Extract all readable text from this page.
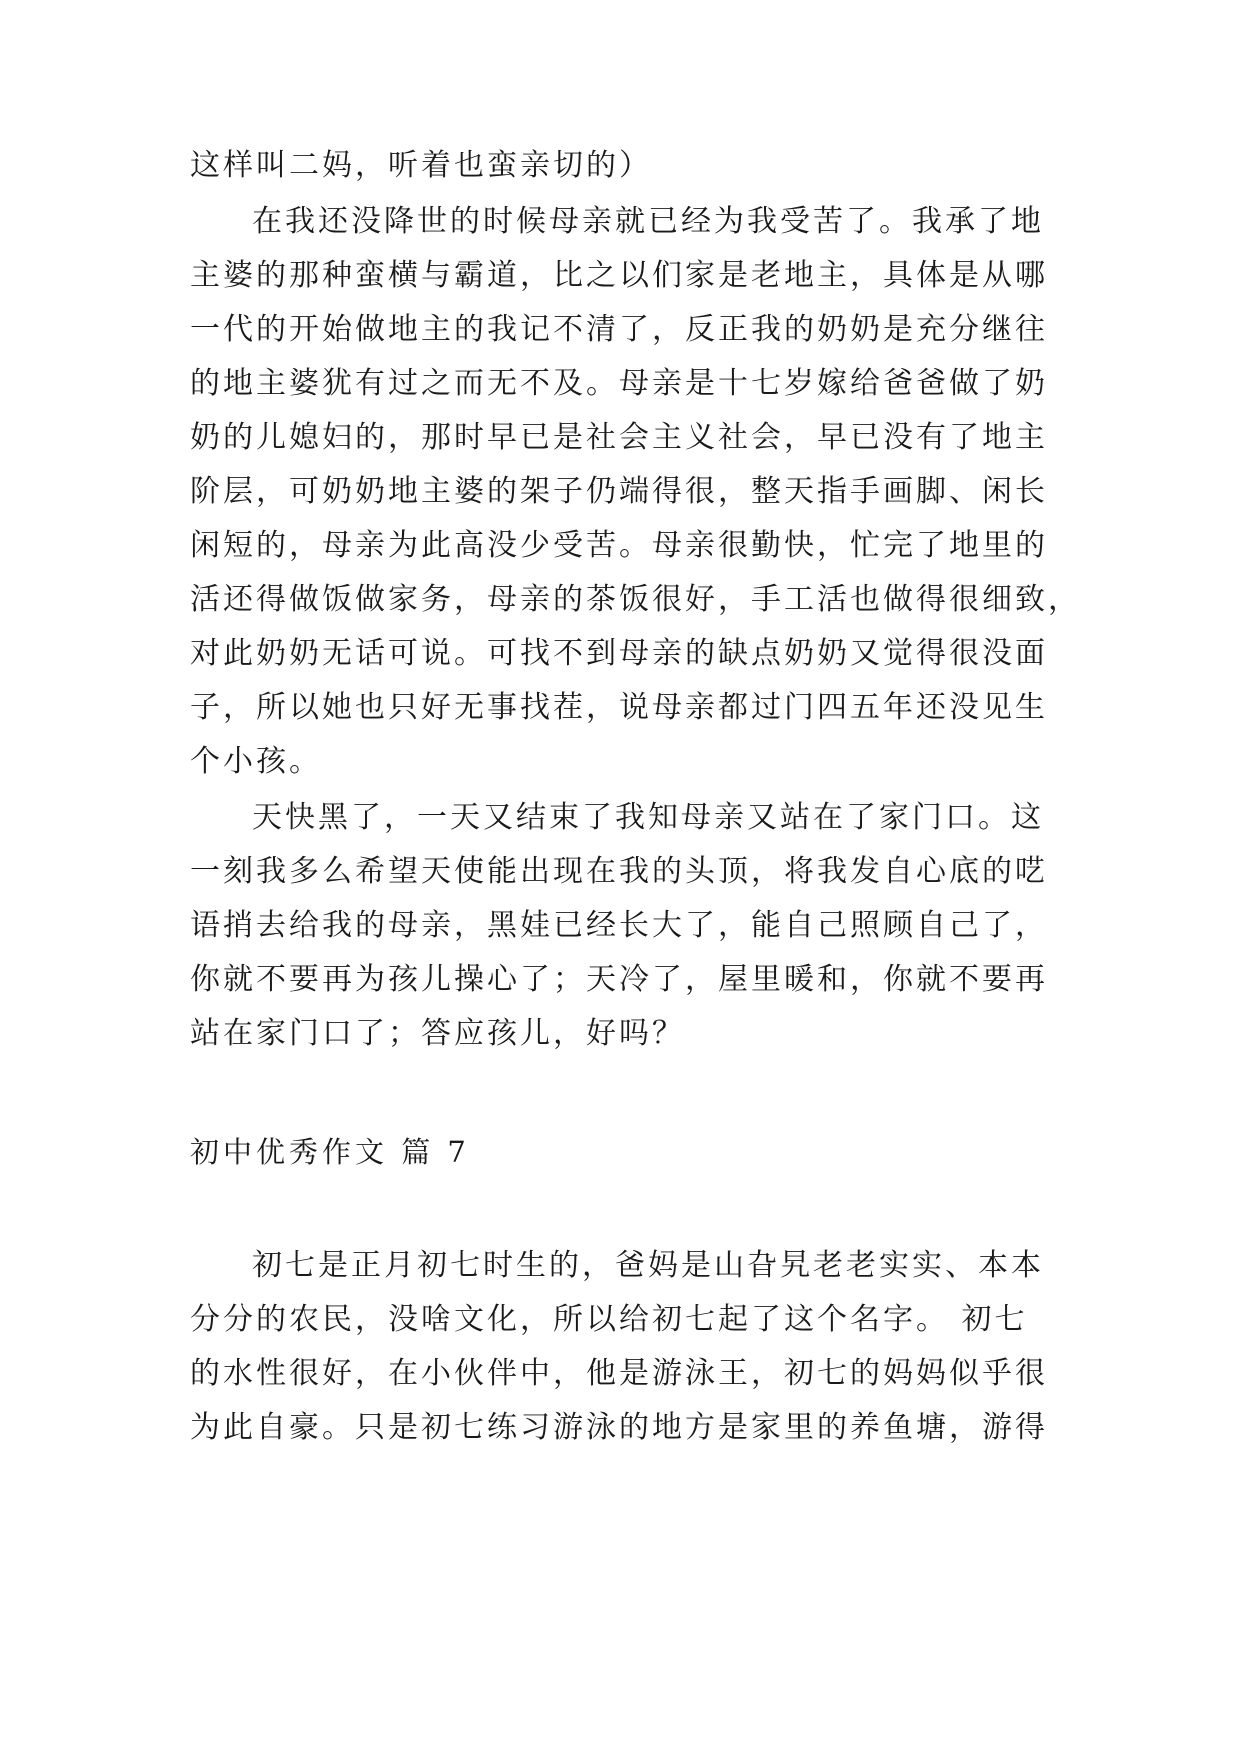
这样叫二妈，听着也蛮亲切的）
在我还没降世的时候母亲就已经为我受苦了。我承了地
主婆的那种蛮横与霸道，比之以们家是老地主，具体是从哪
一代的开始做地主的我记不清了，反正我的奶奶是充分继往
的地主婆犹有过之而无不及。母亲是十七岁嫁给爸爸做了奶
奶的儿媳妇的，那时早已是社会主义社会，早已没有了地主
阶层，可奶奶地主婆的架子仍端得很，整天指手画脚、闲长
闲短的，母亲为此高没少受苦。母亲很勤快，忙完了地里的
活还得做饭做家务，母亲的茶饭很好，手工活也做得很细致，
对此奶奶无话可说。可找不到母亲的缺点奶奶又觉得很没面
子，所以她也只好无事找茬，说母亲都过门四五年还没见生
个小孩。
天快黑了，一天又结束了我知母亲又站在了家门口。这
一刻我多么希望天使能出现在我的头顶，将我发自心底的呓
语捎去给我的母亲，黑娃已经长大了，能自己照顾自己了，
你就不要再为孩儿操心了；天冷了，屋里暖和，你就不要再
站在家门口了；答应孩儿，好吗？
初中优秀作文 篇 7
初七是正月初七时生的，爸妈是山旮旯老老实实、本本
分分的农民，没啥文化，所以给初七起了这个名字。 初七
的水性很好，在小伙伴中，他是游泳王，初七的妈妈似乎很
为此自豪。只是初七练习游泳的地方是家里的养鱼塘，游得
